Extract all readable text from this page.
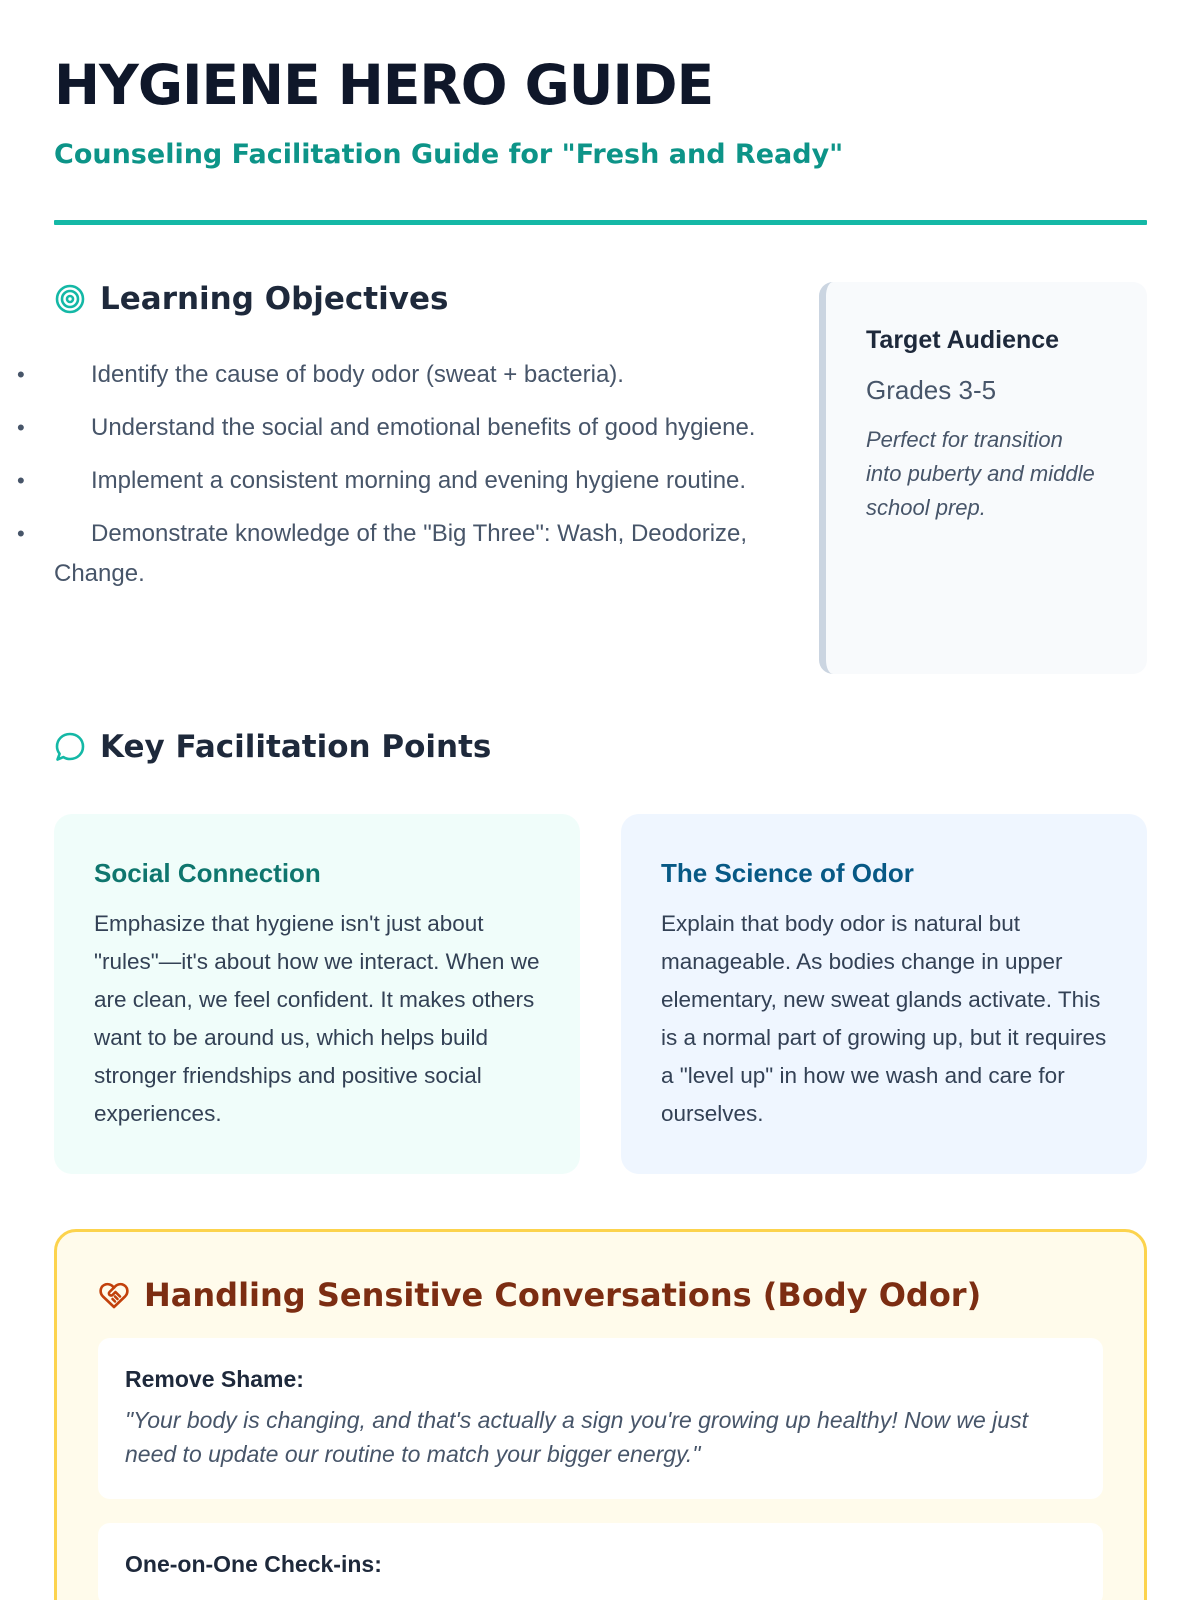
HYGIENE HERO GUIDE
Counseling Facilitation Guide for "Fresh and Ready"
Learning Objectives
• Identify the cause of body odor (sweat + bacteria).
• Understand the social and emotional benefits of good hygiene.
• Implement a consistent morning and evening hygiene routine.
• Demonstrate knowledge of the "Big Three": Wash, Deodorize, Change.
Target Audience
Grades 3-5
Perfect for transition into puberty and middle school prep.
Key Facilitation Points
Social Connection
Emphasize that hygiene isn't just about "rules"—it's about how we interact. When we are clean, we feel confident. It makes others want to be around us, which helps build stronger friendships and positive social experiences.
The Science of Odor
Explain that body odor is natural but manageable. As bodies change in upper elementary, new sweat glands activate. This is a normal part of growing up, but it requires a "level up" in how we wash and care for ourselves.
Handling Sensitive Conversations (Body Odor)
Remove Shame:
"Your body is changing, and that's actually a sign you're growing up healthy! Now we just need to update our routine to match your bigger energy."
One-on-One Check-ins:
